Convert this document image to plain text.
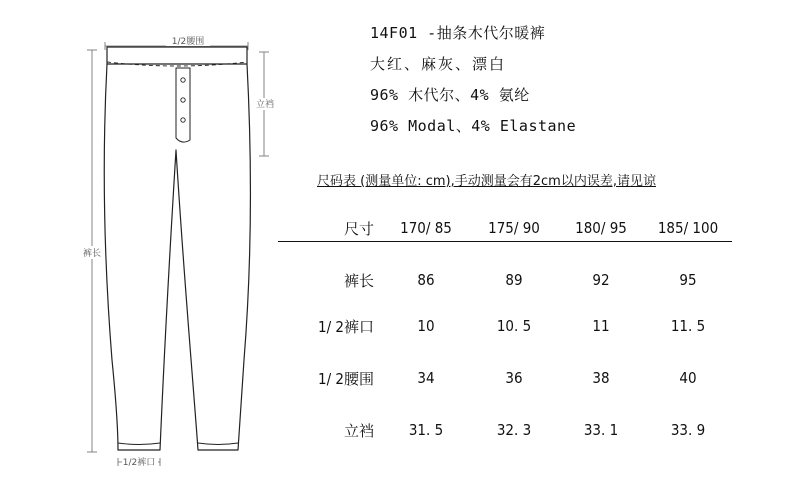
1/2腰围
立裆
裤长
1/2裤口
14F01 -抽条木代尔暖裤
大红、麻灰、漂白
96% 木代尔、4% 氨纶
96% Modal、4% Elastane
尺码表 (测量单位: cm),手动测量会有2cm以内误差,请见谅
尺寸	170/ 85	175/ 90	180/ 95	185/ 100
裤长	86	89	92	95
1/ 2裤口	10	10. 5	11	11. 5
1/ 2腰围	34	36	38	40
立裆	31. 5	32. 3	33. 1	33. 9
